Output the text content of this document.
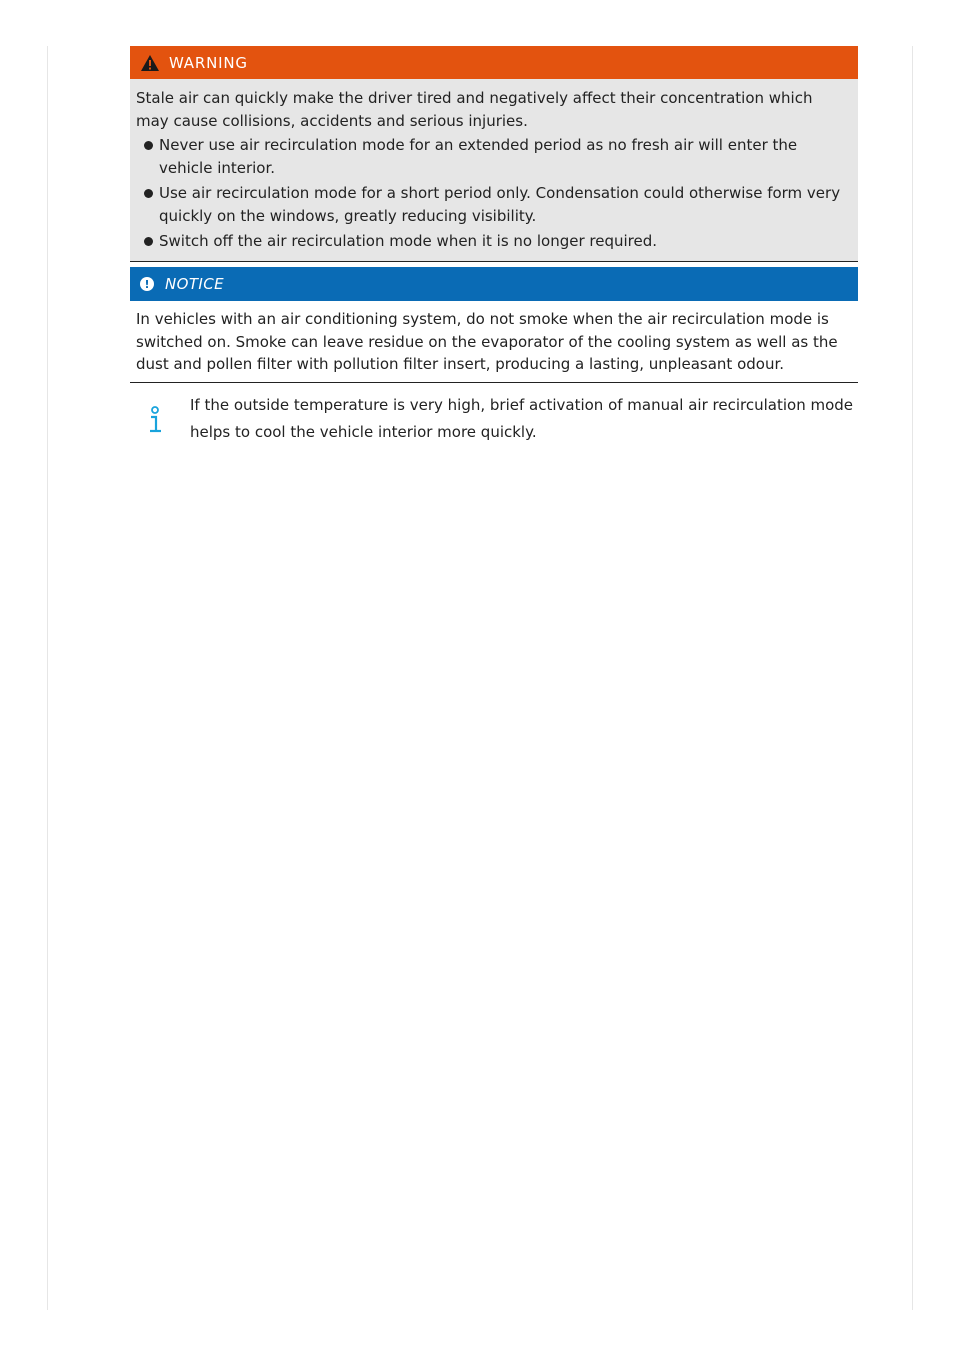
WARNING

Stale air can quickly make the driver tired and negatively affect their concentration which may cause collisions, accidents and serious injuries.

Never use air recirculation mode for an extended period as no fresh air will enter the vehicle interior.
Use air recirculation mode for a short period only. Condensation could otherwise form very quickly on the windows, greatly reducing visibility.
Switch off the air recirculation mode when it is no longer required.
! NOTICE

In vehicles with an air conditioning system, do not smoke when the air recirculation mode is switched on. Smoke can leave residue on the evaporator of the cooling system as well as the dust and pollen filter with pollution filter insert, producing a lasting, unpleasant odour.

If the outside temperature is very high, brief activation of manual air recirculation mode helps to cool the vehicle interior more quickly.
